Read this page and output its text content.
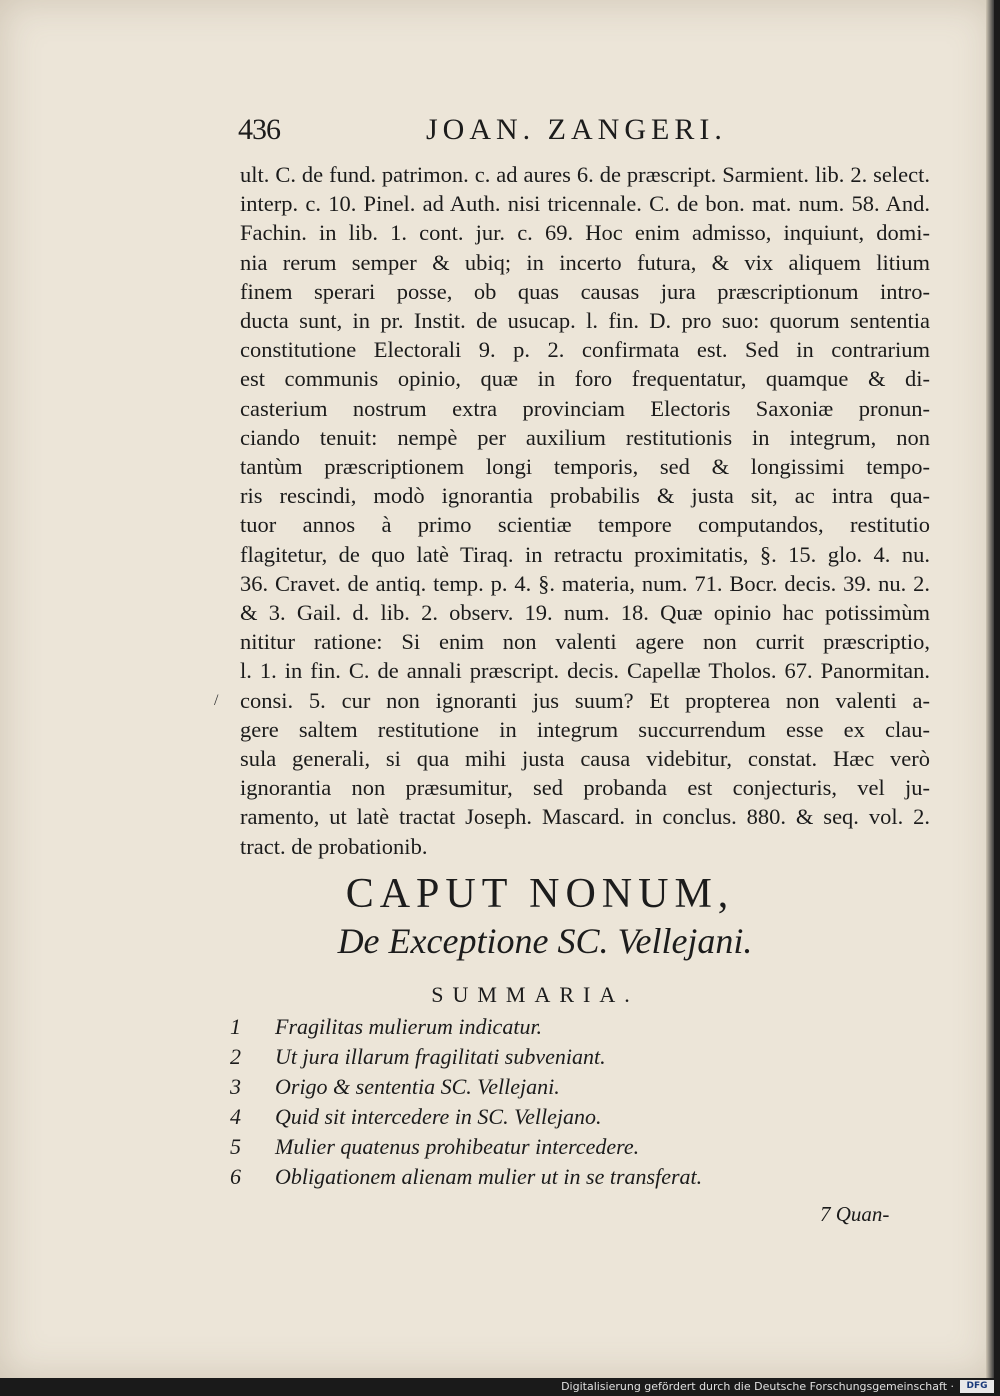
436	JOAN. ZANGERI.
ult. C. de fund. patrimon. c. ad aures 6. de præscript. Sarmient. lib. 2. select.
interp. c. 10. Pinel. ad Auth. nisi tricennale. C. de bon. mat. num. 58. And.
Fachin. in lib. 1. cont. jur. c. 69. Hoc enim admisso, inquiunt, domi-
nia rerum semper & ubiq; in incerto futura, & vix aliquem litium
finem sperari posse, ob quas causas jura præscriptionum intro-
ducta sunt, in pr. Instit. de usucap. l. fin. D. pro suo: quorum sententia
constitutione Electorali 9. p. 2. confirmata est. Sed in contrarium
est communis opinio, quæ in foro frequentatur, quamque & di-
casterium nostrum extra provinciam Electoris Saxoniæ pronun-
ciando tenuit: nempè per auxilium restitutionis in integrum, non
tantùm præscriptionem longi temporis, sed & longissimi tempo-
ris rescindi, modò ignorantia probabilis & justa sit, ac intra qua-
tuor annos à primo scientiæ tempore computandos, restitutio
flagitetur, de quo latè Tiraq. in retractu proximitatis, §. 15. glo. 4. nu.
36. Cravet. de antiq. temp. p. 4. §. materia, num. 71. Bocr. decis. 39. nu. 2.
& 3. Gail. d. lib. 2. observ. 19. num. 18. Quæ opinio hac potissimùm
nititur ratione: Si enim non valenti agere non currit præscriptio,
l. 1. in fin. C. de annali præscript. decis. Capellæ Tholos. 67. Panormitan.
consi. 5. cur non ignoranti jus suum? Et propterea non valenti a-
gere saltem restitutione in integrum succurrendum esse ex clau-
sula generali, si qua mihi justa causa videbitur, constat. Hæc verò
ignorantia non præsumitur, sed probanda est conjecturis, vel ju-
ramento, ut latè tractat Joseph. Mascard. in conclus. 880. & seq. vol. 2.
tract. de probationib.
/
CAPUT NONUM,
De Exceptione SC. Vellejani.
SUMMARIA.
1	Fragilitas mulierum indicatur.
2	Ut jura illarum fragilitati subveniant.
3	Origo & sententia SC. Vellejani.
4	Quid sit intercedere in SC. Vellejano.
5	Mulier quatenus prohibeatur intercedere.
6	Obligationem alienam mulier ut in se transferat.
7 Quan-
Digitalisierung gefördert durch die Deutsche Forschungsgemeinschaft ·	DFG
